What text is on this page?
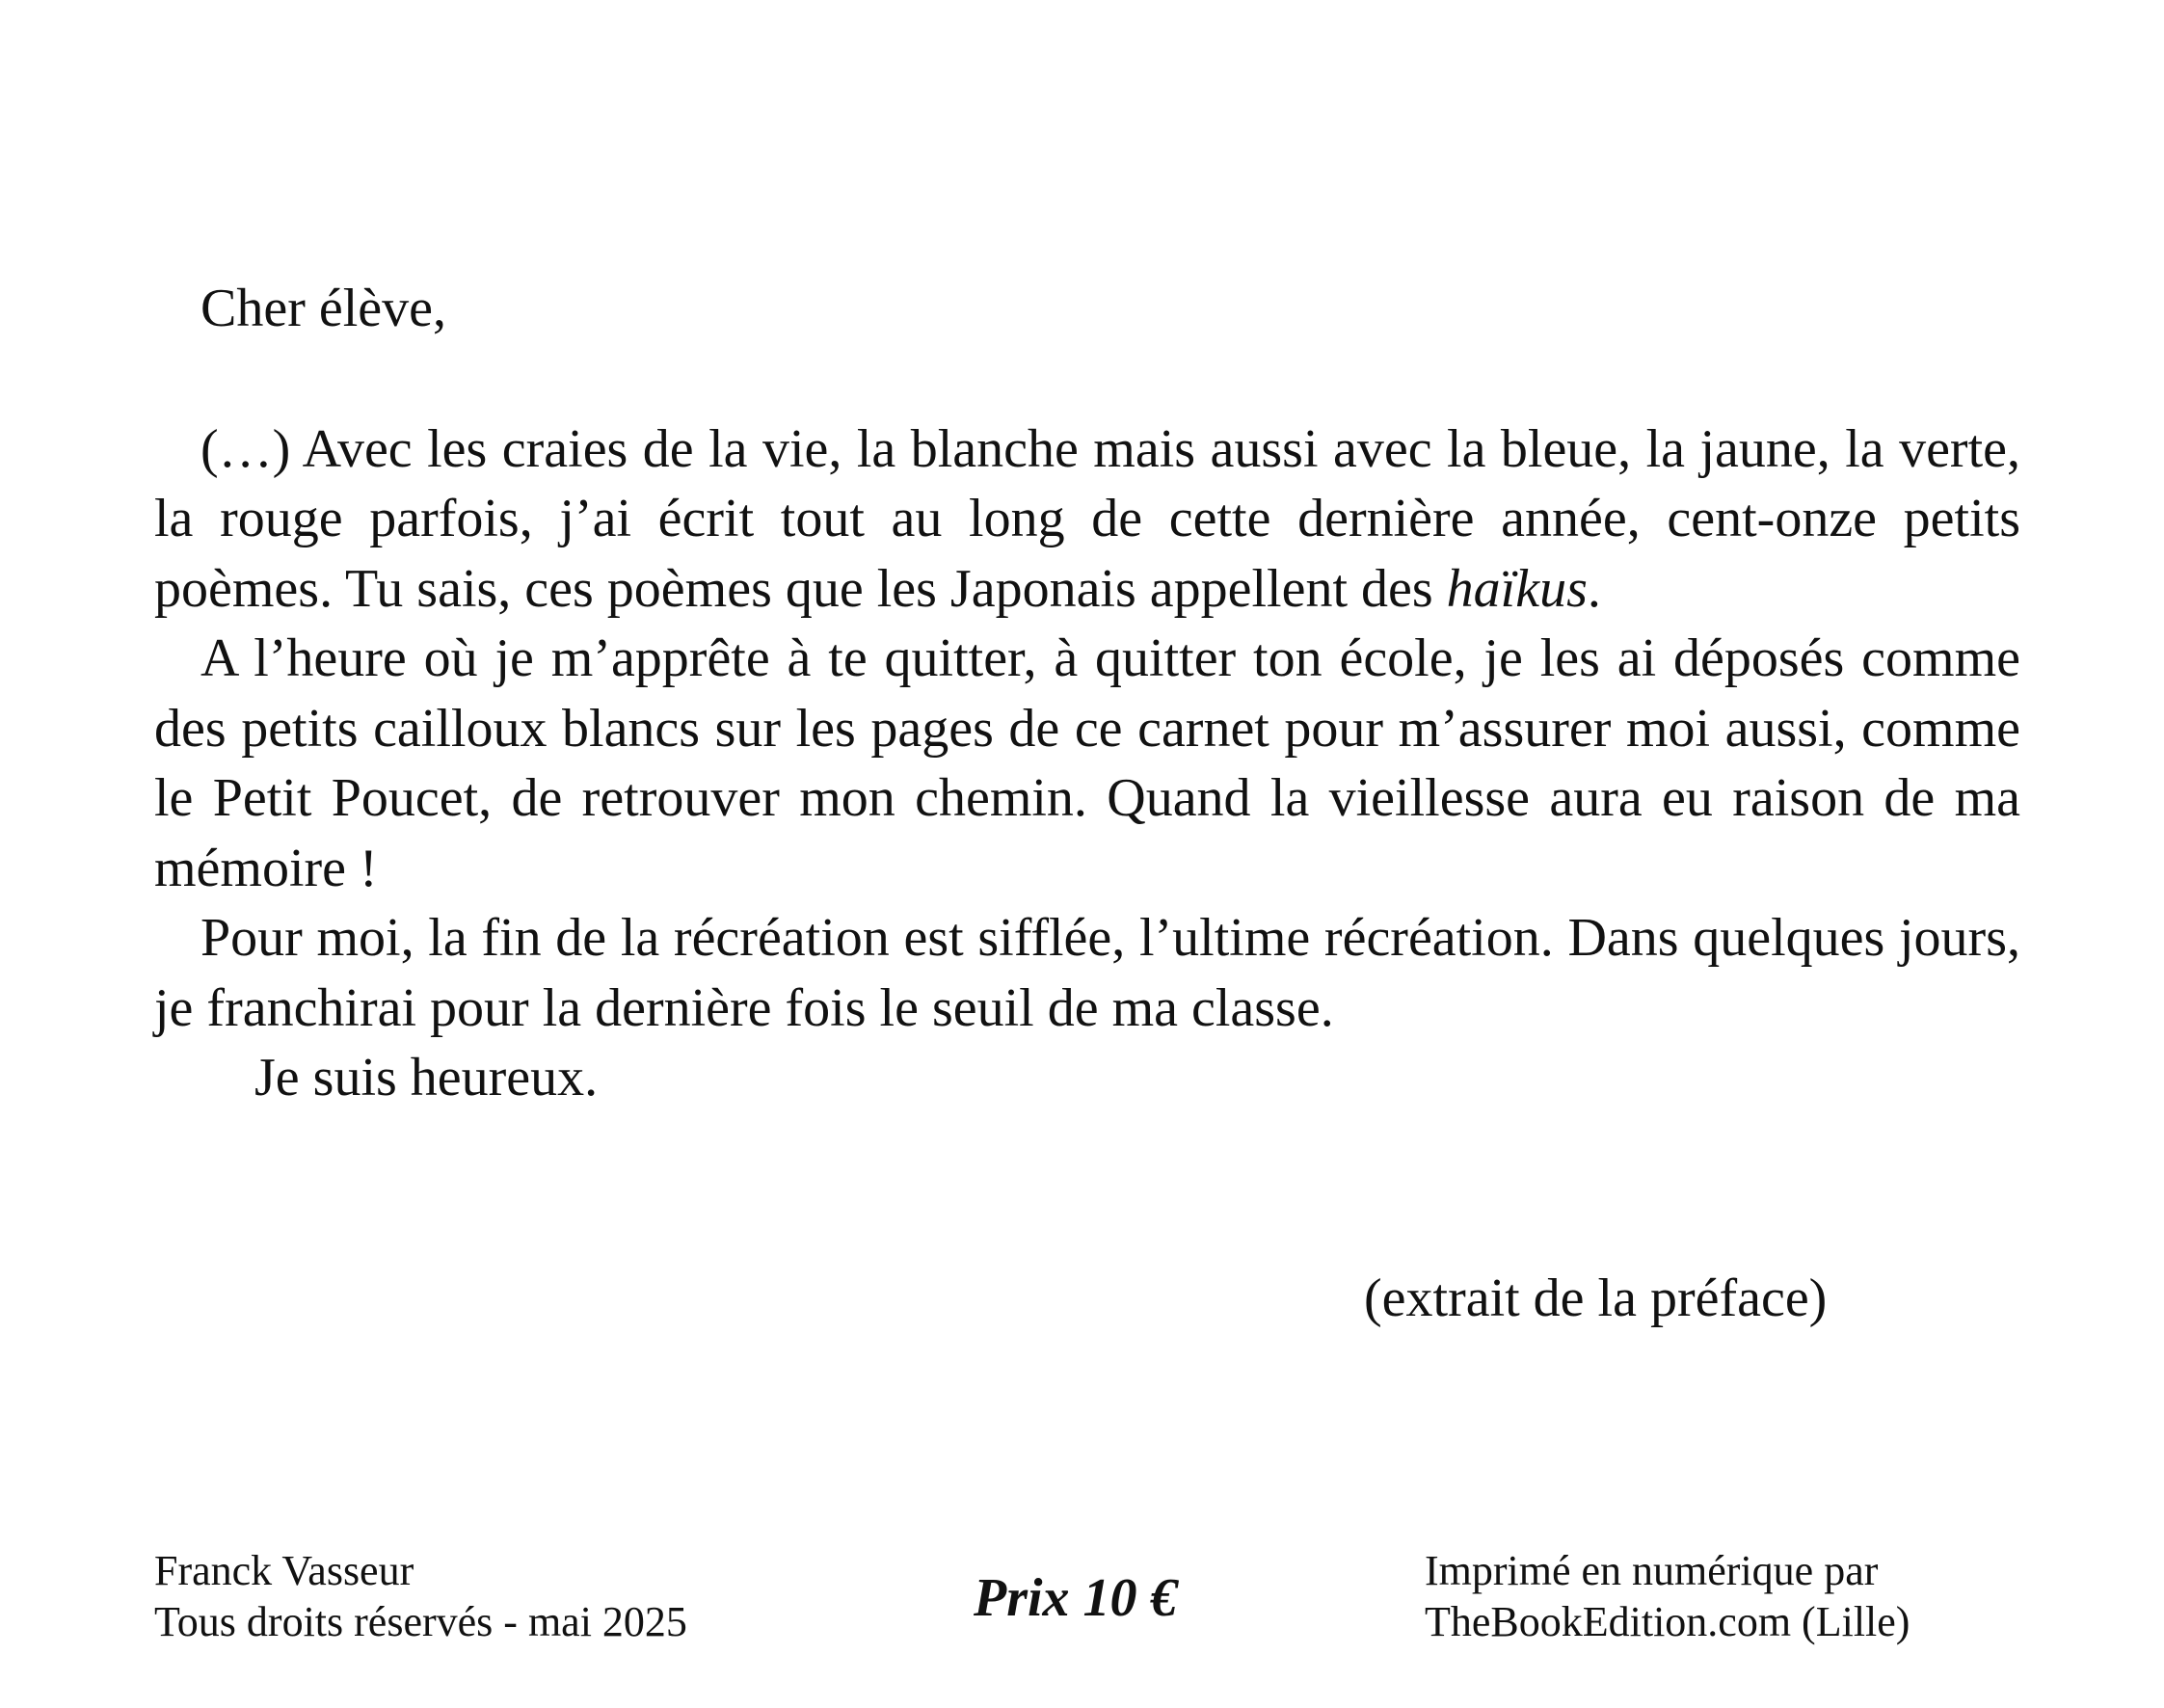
Cher élève,

(…) Avec les craies de la vie, la blanche mais aussi avec la bleue, la jaune, la verte, la rouge parfois, j’ai écrit tout au long de cette dernière année, cent-onze petits poèmes. Tu sais, ces poèmes que les Japonais appellent des haïkus.

A l’heure où je m’apprête à te quitter, à quitter ton école, je les ai déposés comme des petits cailloux blancs sur les pages de ce carnet pour m’assurer moi aussi, comme le Petit Poucet, de retrouver mon chemin. Quand la vieillesse aura eu raison de ma mémoire !

Pour moi, la fin de la récréation est sifflée, l’ultime récréation. Dans quelques jours, je franchirai pour la dernière fois le seuil de ma classe.

Je suis heureux.

(extrait de la préface)
Franck Vasseur
Tous droits réservés - mai 2025	Prix 10 €	Imprimé en numérique par
TheBookEdition.com (Lille)
